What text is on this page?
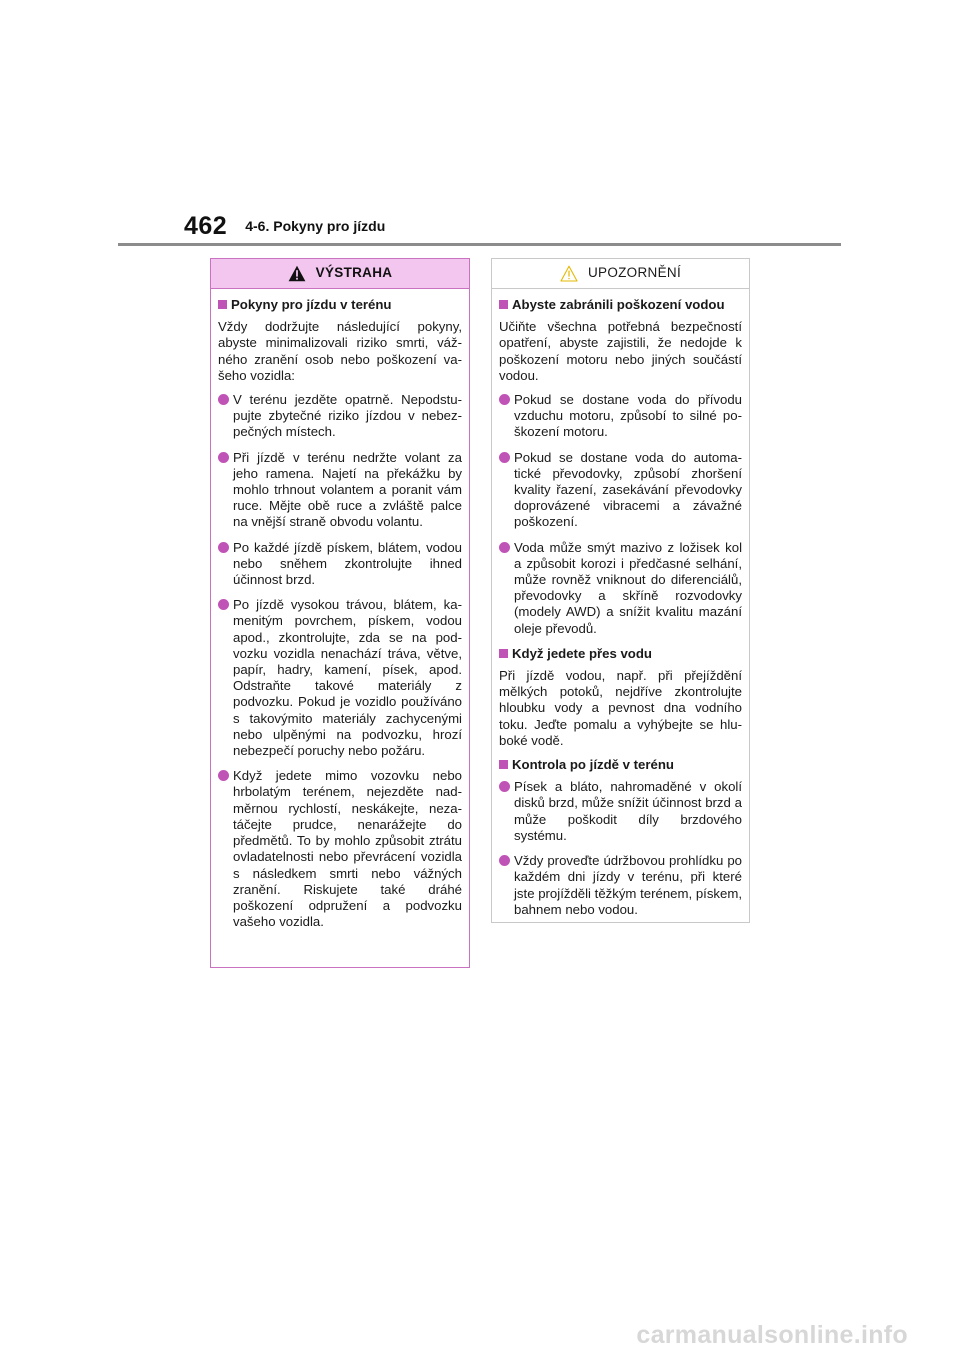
462 4-6. Pokyny pro jízdu
VÝSTRAHA
Pokyny pro jízdu v terénu
Vždy dodržujte následující pokyny, abyste minimalizovali riziko smrti, vážného zranění osob nebo poškození vašeho vozidla:
V terénu jezděte opatrně. Nepodstupujte zbytečné riziko jízdou v nebezpečných místech.
Při jízdě v terénu nedržte volant za jeho ramena. Najetí na překážku by mohlo trhnout volantem a poranit vám ruce. Mějte obě ruce a zvláště palce na vnější straně obvodu volantu.
Po každé jízdě pískem, blátem, vodou nebo sněhem zkontrolujte ihned účinnost brzd.
Po jízdě vysokou trávou, blátem, kamenitým povrchem, pískem, vodou apod., zkontrolujte, zda se na podvozku vozidla nenachází tráva, větve, papír, hadry, kamení, písek, apod. Odstraňte takové materiály z podvozku. Pokud je vozidlo používáno s takovýmito materiály zachycenými nebo ulpěnými na podvozku, hrozí nebezpečí poruchy nebo požáru.
Když jedete mimo vozovku nebo hrbolatým terénem, nejezděte nadměrnou rychlostí, neskákejte, nezatáčejte prudce, nenarážejte do předmětů. To by mohlo způsobit ztrátu ovladatelnosti nebo převrácení vozidla s následkem smrti nebo vážných zranění. Riskujete také dráhé poškození odpružení a podvozku vašeho vozidla.
UPOZORNĚNÍ
Abyste zabránili poškození vodou
Učiňte všechna potřebná bezpečností opatření, abyste zajistili, že nedojde k poškození motoru nebo jiných součástí vodou.
Pokud se dostane voda do přívodu vzduchu motoru, způsobí to silné poškození motoru.
Pokud se dostane voda do automatické převodovky, způsobí zhoršení kvality řazení, zasekávání převodovky doprovázené vibracemi a závažné poškození.
Voda může smýt mazivo z ložisek kol a způsobit korozi i předčasné selhání, může rovněž vniknout do diferenciálů, převodovky a skříně rozvodovky (modely AWD) a snížit kvalitu mazání oleje převodů.
Když jedete přes vodu
Při jízdě vodou, např. při přejíždění mělkých potoků, nejdříve zkontrolujte hloubku vody a pevnost dna vodního toku. Jeďte pomalu a vyhýbejte se hluboké vodě.
Kontrola po jízdě v terénu
Písek a bláto, nahromaděné v okolí disků brzd, může snížit účinnost brzd a může poškodit díly brzdového systému.
Vždy proveďte údržbovou prohlídku po každém dni jízdy v terénu, při které jste projížděli těžkým terénem, pískem, bahnem nebo vodou.
carmanualsonline.info
